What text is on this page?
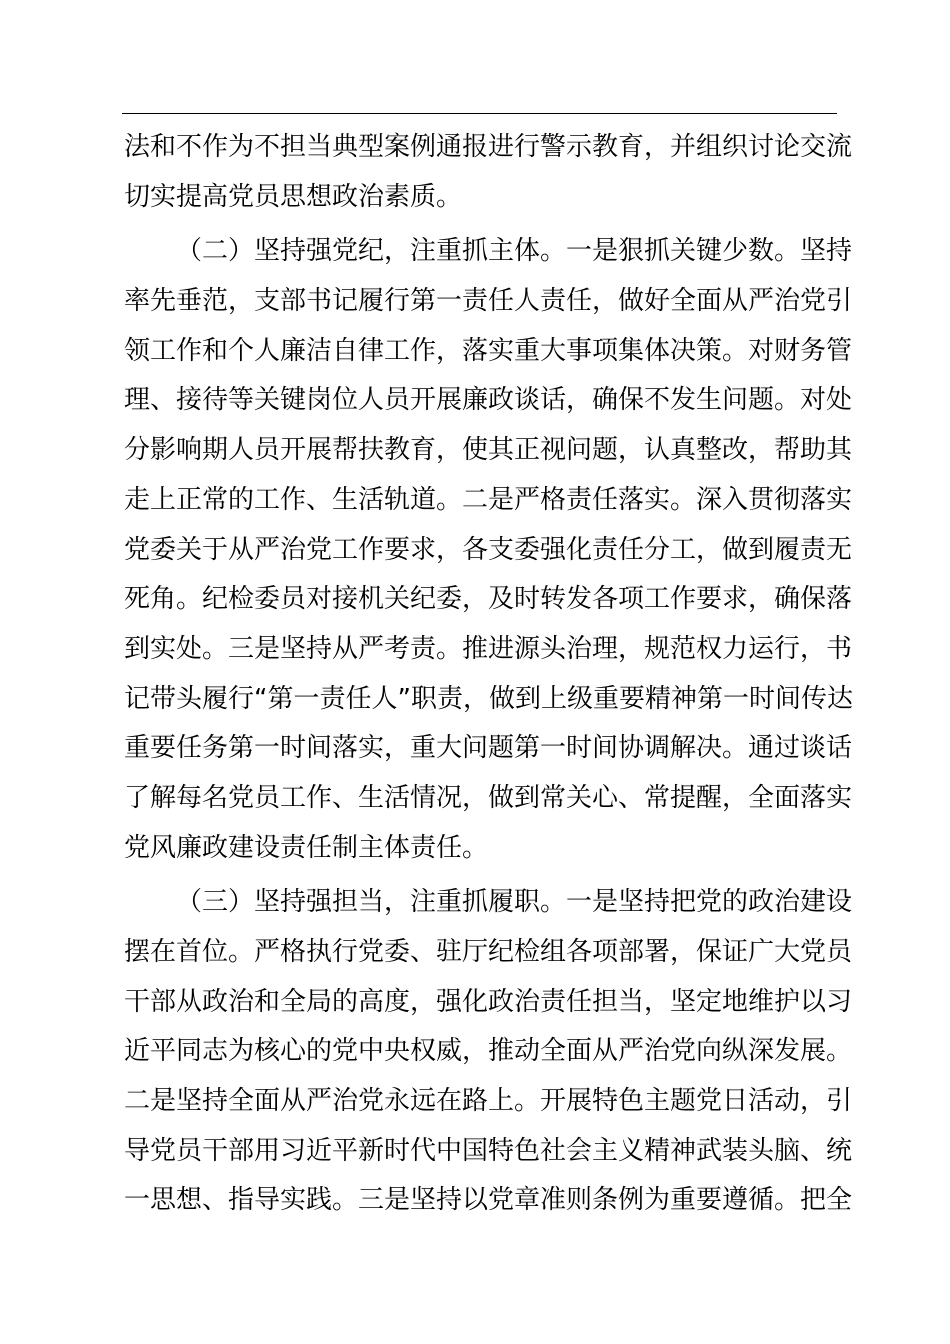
法和不作为不担当典型案例通报进行警示教育，并组织讨论交流
切实提高党员思想政治素质。
（二）坚持强党纪，注重抓主体。一是狠抓关键少数。坚持
率先垂范，支部书记履行第一责任人责任，做好全面从严治党引
领工作和个人廉洁自律工作，落实重大事项集体决策。对财务管
理、接待等关键岗位人员开展廉政谈话，确保不发生问题。对处
分影响期人员开展帮扶教育，使其正视问题，认真整改，帮助其
走上正常的工作、生活轨道。二是严格责任落实。深入贯彻落实
党委关于从严治党工作要求，各支委强化责任分工，做到履责无
死角。纪检委员对接机关纪委，及时转发各项工作要求，确保落
到实处。三是坚持从严考责。推进源头治理，规范权力运行，书
记带头履行“第一责任人”职责，做到上级重要精神第一时间传达
重要任务第一时间落实，重大问题第一时间协调解决。通过谈话
了解每名党员工作、生活情况，做到常关心、常提醒，全面落实
党风廉政建设责任制主体责任。
（三）坚持强担当，注重抓履职。一是坚持把党的政治建设
摆在首位。严格执行党委、驻厅纪检组各项部署，保证广大党员
干部从政治和全局的高度，强化政治责任担当，坚定地维护以习
近平同志为核心的党中央权威，推动全面从严治党向纵深发展。
二是坚持全面从严治党永远在路上。开展特色主题党日活动，引
导党员干部用习近平新时代中国特色社会主义精神武装头脑、统
一思想、指导实践。三是坚持以党章准则条例为重要遵循。把全
